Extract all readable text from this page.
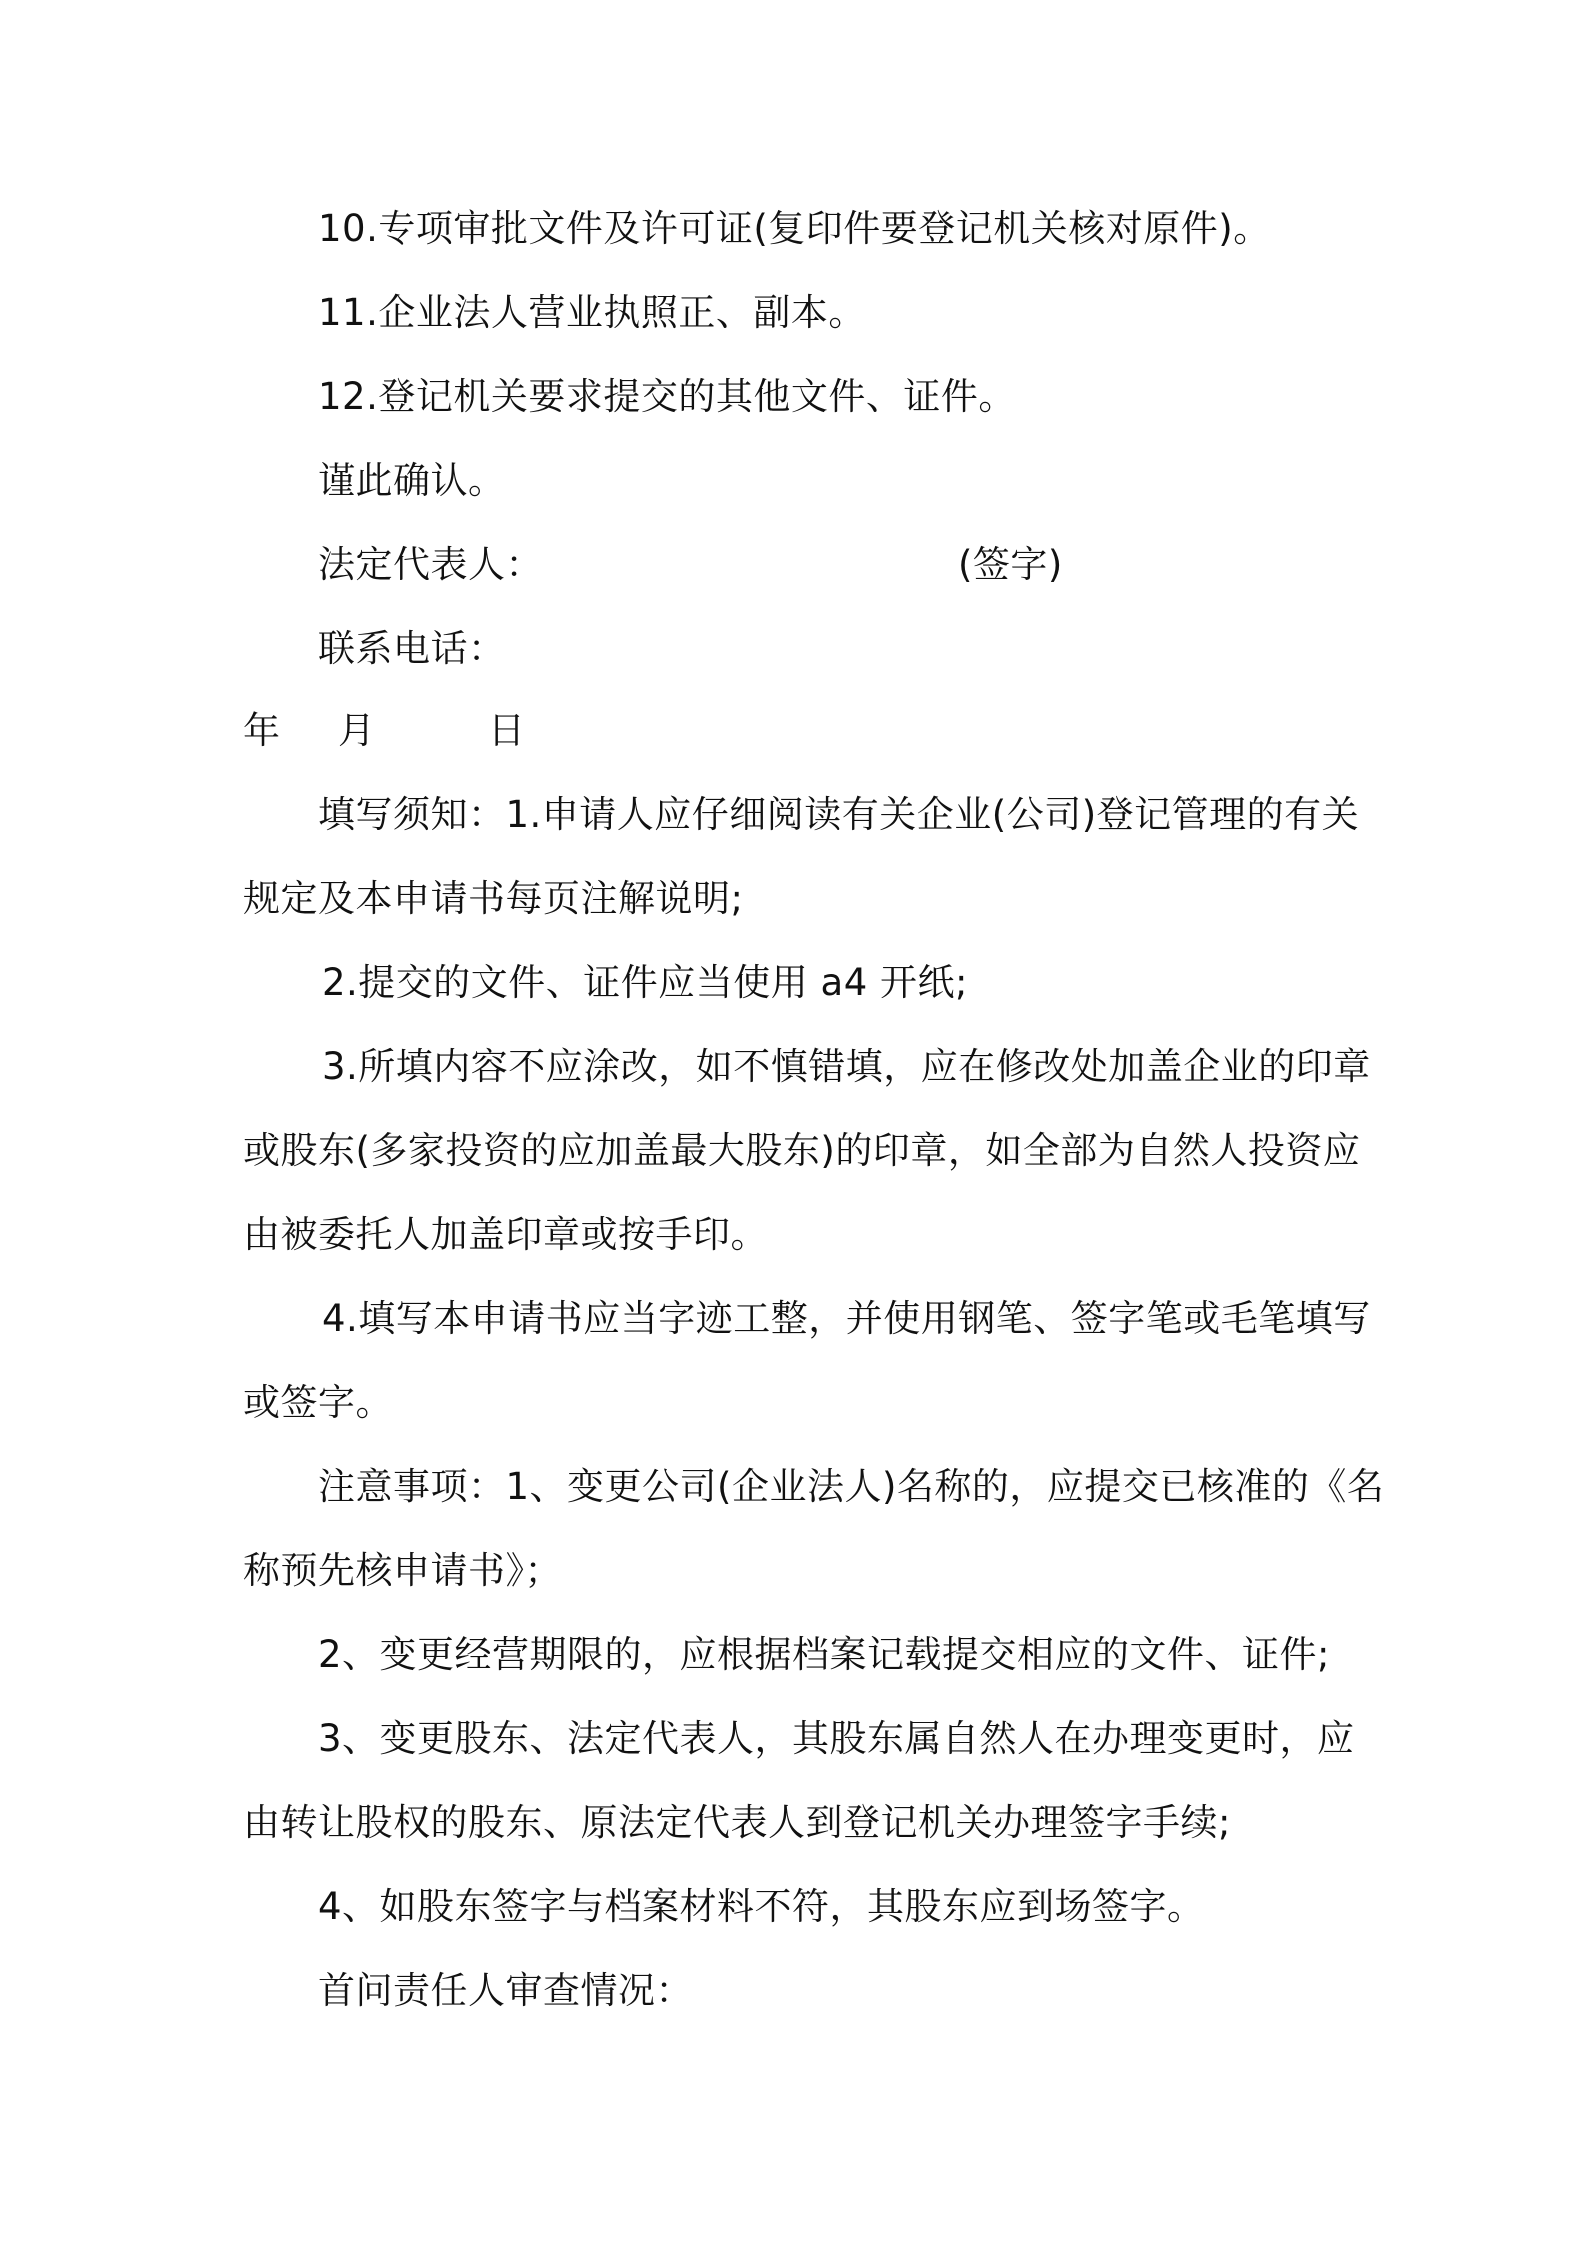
10.专项审批文件及许可证(复印件要登记机关核对原件)。
11.企业法人营业执照正、副本。
12.登记机关要求提交的其他文件、证件。
谨此确认。
法定代表人：	(签字)
联系电话：
年 月	日
填写须知：1.申请人应仔细阅读有关企业(公司)登记管理的有关
规定及本申请书每页注解说明;
2.提交的文件、证件应当使用 a4 开纸;
3.所填内容不应涂改，如不慎错填，应在修改处加盖企业的印章
或股东(多家投资的应加盖最大股东)的印章，如全部为自然人投资应
由被委托人加盖印章或按手印。
4.填写本申请书应当字迹工整，并使用钢笔、签字笔或毛笔填写
或签字。
注意事项：1、变更公司(企业法人)名称的，应提交已核准的《名
称预先核申请书》；
2、变更经营期限的，应根据档案记载提交相应的文件、证件;
3、变更股东、法定代表人，其股东属自然人在办理变更时，应
由转让股权的股东、原法定代表人到登记机关办理签字手续;
4、如股东签字与档案材料不符，其股东应到场签字。
首问责任人审查情况：
